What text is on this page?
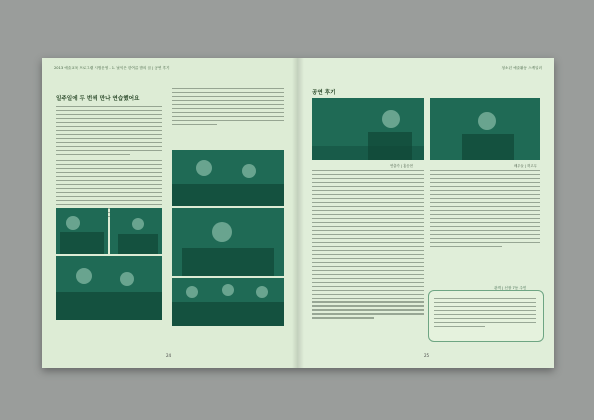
2013 예술교육 프로그램 시범운영 - 1. 낯익은 한여름 밤의 꿈 | 공연 후기
일주일에 두 번씩 만나 연습했어요
24
청소년 예술활동 스케일러
공연 후기
연출가 | 홍승현	배우들 | 허고무
관객 | 신장 7동 주민
25
